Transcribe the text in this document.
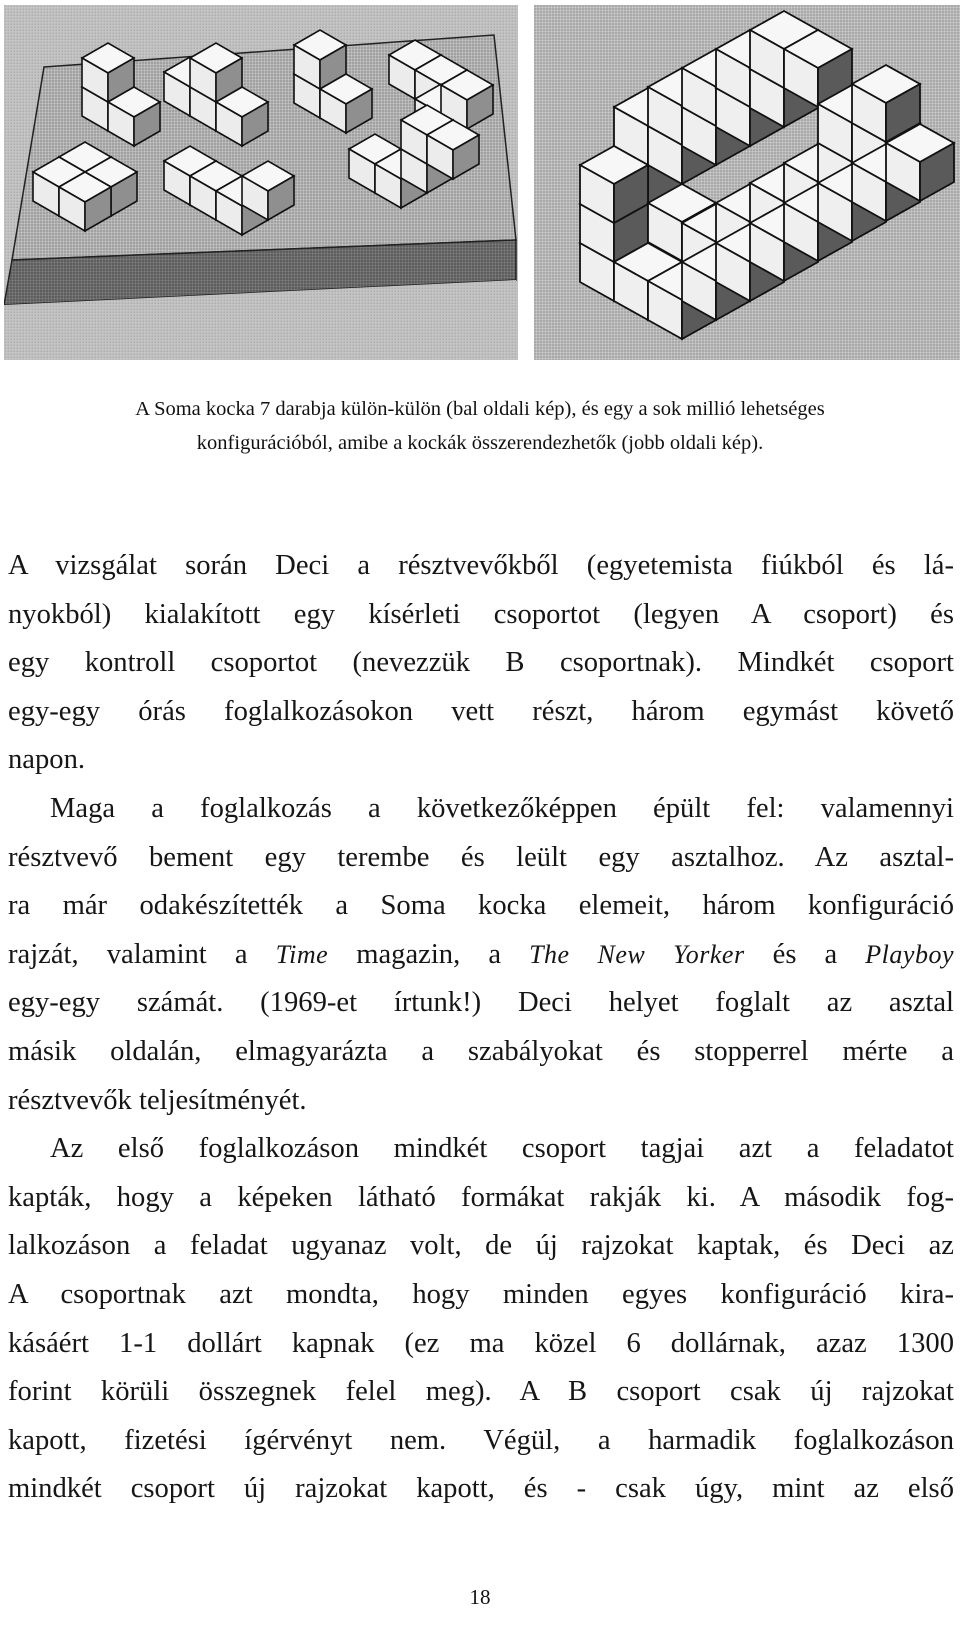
A Soma kocka 7 darabja külön-külön (bal oldali kép), és egy a sok millió lehetséges
konfigurációból, amibe a kockák összerendezhetők (jobb oldali kép).
A vizsgálat során Deci a résztvevőkből (egyetemista fiúkból és lá-
nyokból) kialakított egy kísérleti csoportot (legyen A csoport) és
egy kontroll csoportot (nevezzük B csoportnak). Mindkét csoport
egy-egy órás foglalkozásokon vett részt, három egymást követő
napon.
Maga a foglalkozás a következőképpen épült fel: valamennyi
résztvevő bement egy terembe és leült egy asztalhoz. Az asztal-
ra már odakészítették a Soma kocka elemeit, három konfiguráció
rajzát, valamint a Time magazin, a The New Yorker és a Playboy
egy-egy számát. (1969-et írtunk!) Deci helyet foglalt az asztal
másik oldalán, elmagyarázta a szabályokat és stopperrel mérte a
résztvevők teljesítményét.
Az első foglalkozáson mindkét csoport tagjai azt a feladatot
kapták, hogy a képeken látható formákat rakják ki. A második fog-
lalkozáson a feladat ugyanaz volt, de új rajzokat kaptak, és Deci az
A csoportnak azt mondta, hogy minden egyes konfiguráció kira-
kásáért 1-1 dollárt kapnak (ez ma közel 6 dollárnak, azaz 1300
forint körüli összegnek felel meg). A B csoport csak új rajzokat
kapott, fizetési ígérvényt nem. Végül, a harmadik foglalkozáson
mindkét csoport új rajzokat kapott, és - csak úgy, mint az első
18
